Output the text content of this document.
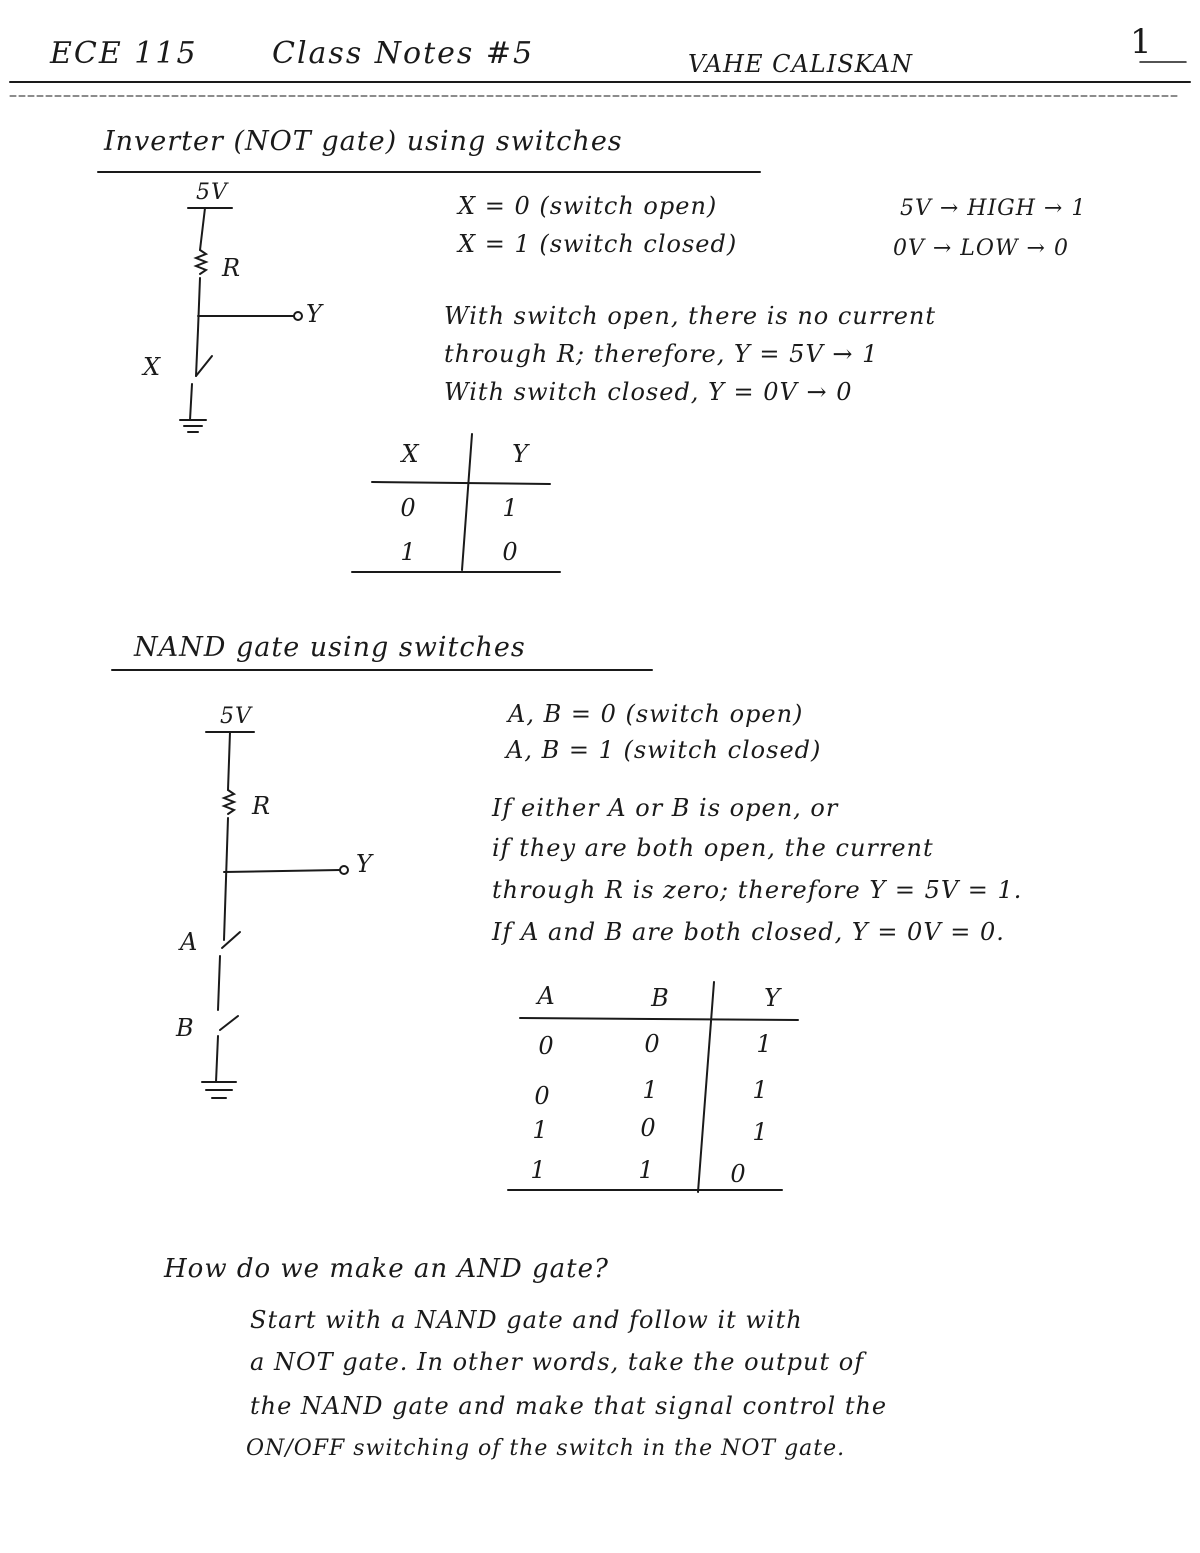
ECE 115 Class Notes #5	VAHE CALISKAN
1
Inverter (NOT gate) using switches
5V
R
Y
X
X = 0 (switch open)
X = 1 (switch closed)
5V → HIGH → 1
0V → LOW → 0
With switch open, there is no current
through R; therefore, Y = 5V → 1
With switch closed, Y = 0V → 0
X	Y
0	1
1	0
NAND gate using switches
5V
R
Y
A
B
A, B = 0 (switch open)
A, B = 1 (switch closed)
If either A or B is open, or
if they are both open, the current
through R is zero; therefore Y = 5V = 1.
If A and B are both closed, Y = 0V = 0.
A	B	Y
0	0	1
0	1	1
1	0	1
1	1	0
How do we make an AND gate?
Start with a NAND gate and follow it with
a NOT gate. In other words, take the output of
the NAND gate and make that signal control the
ON/OFF switching of the switch in the NOT gate.
